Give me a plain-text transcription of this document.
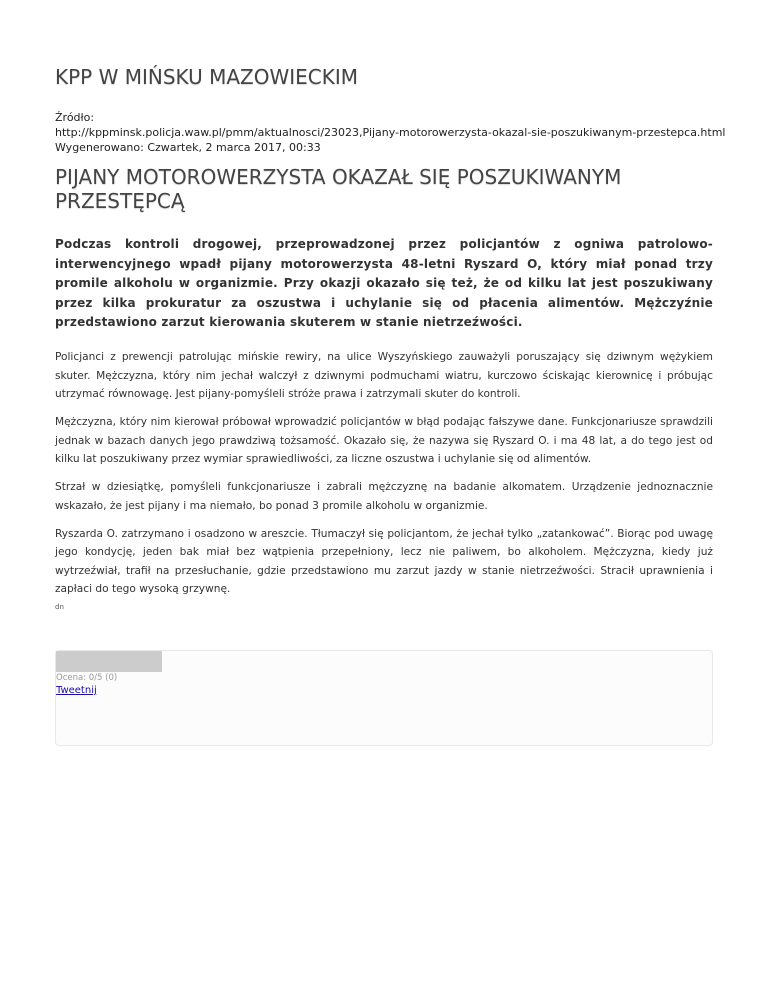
KPP W MIŃSKU MAZOWIECKIM
Źródło:
http://kppminsk.policja.waw.pl/pmm/aktualnosci/23023,Pijany-motorowerzysta-okazal-sie-poszukiwanym-przestepca.html
Wygenerowano: Czwartek, 2 marca 2017, 00:33
PIJANY MOTOROWERZYSTA OKAZAŁ SIĘ POSZUKIWANYM PRZESTĘPCĄ

Podczas kontroli drogowej, przeprowadzonej przez policjantów z ogniwa patrolowo-interwencyjnego wpadł pijany motorowerzysta 48-letni Ryszard O, który miał ponad trzy promile alkoholu w organizmie. Przy okazji okazało się też, że od kilku lat jest poszukiwany przez kilka prokuratur za oszustwa i uchylanie się od płacenia alimentów. Mężczyźnie przedstawiono zarzut kierowania skuterem w stanie nietrzeźwości.

Policjanci z prewencji patrolując mińskie rewiry, na ulice Wyszyńskiego zauważyli poruszający się dziwnym wężykiem skuter. Mężczyzna, który nim jechał walczył z dziwnymi podmuchami wiatru, kurczowo ściskając kierownicę i próbując utrzymać równowagę. Jest pijany-pomyśleli stróże prawa i zatrzymali skuter do kontroli.

Mężczyzna, który nim kierował próbował wprowadzić policjantów w błąd podając fałszywe dane. Funkcjonariusze sprawdzili jednak w bazach danych jego prawdziwą tożsamość. Okazało się, że nazywa się Ryszard O. i ma 48 lat, a do tego jest od kilku lat poszukiwany przez wymiar sprawiedliwości, za liczne oszustwa i uchylanie się od alimentów.

Strzał w dziesiątkę, pomyśleli funkcjonariusze i zabrali mężczyznę na badanie alkomatem. Urządzenie jednoznacznie wskazało, że jest pijany i ma niemało, bo ponad 3 promile alkoholu w organizmie.

Ryszarda O. zatrzymano i osadzono w areszcie. Tłumaczył się policjantom, że jechał tylko „zatankować”. Biorąc pod uwagę jego kondycję, jeden bak miał bez wątpienia przepełniony, lecz nie paliwem, bo alkoholem. Mężczyzna, kiedy już wytrzeźwiał, trafił na przesłuchanie, gdzie przedstawiono mu zarzut jazdy w stanie nietrzeźwości. Stracił uprawnienia i zapłaci do tego wysoką grzywnę.

dn
Ocena: 0/5 (0)
Tweetnij
